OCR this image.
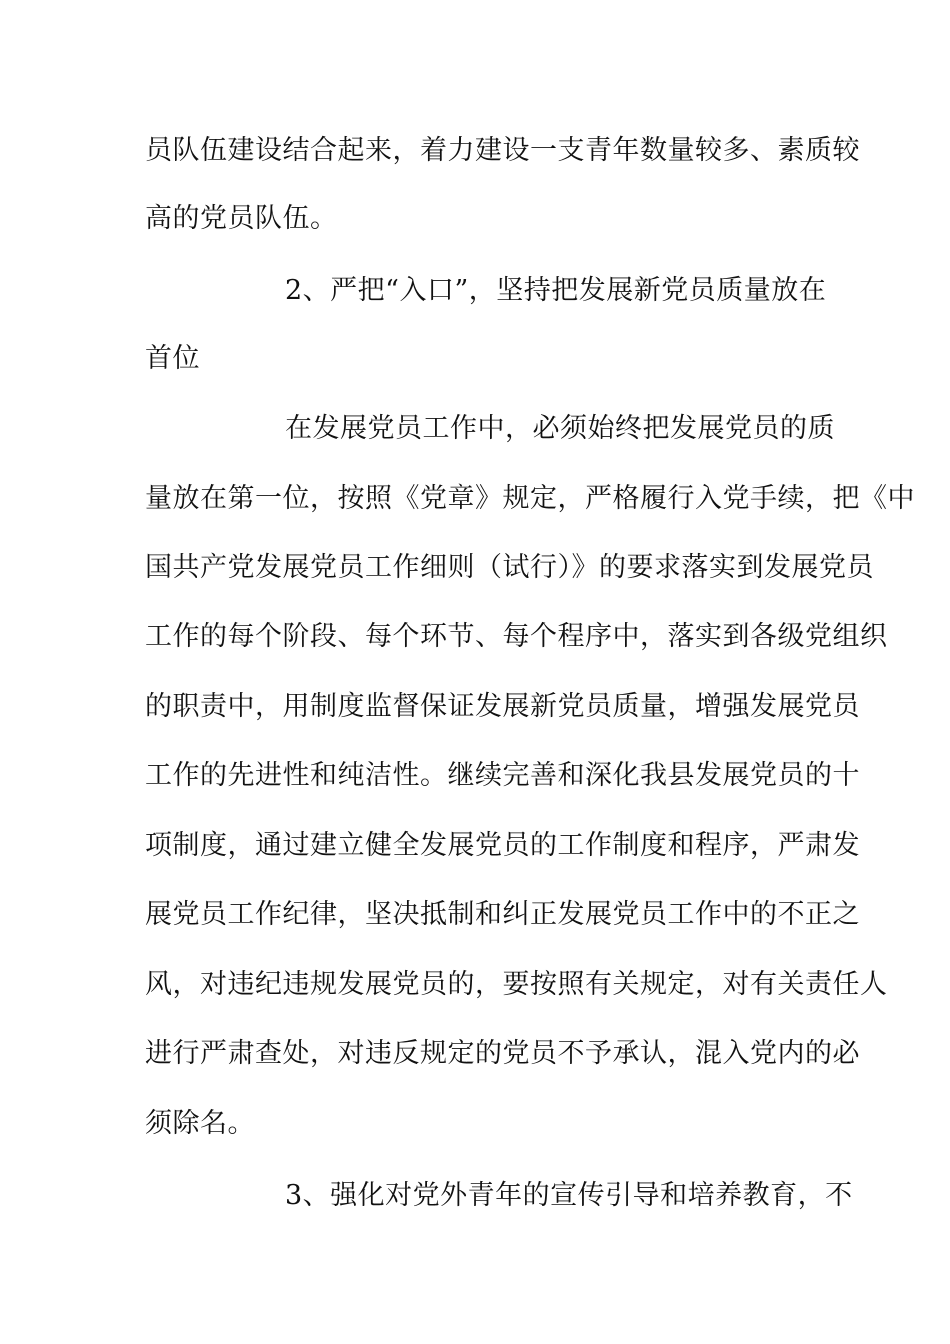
员队伍建设结合起来，着力建设一支青年数量较多、素质较
高的党员队伍。
2、严把“入口”，坚持把发展新党员质量放在
首位
在发展党员工作中，必须始终把发展党员的质
量放在第一位，按照《党章》规定，严格履行入党手续，把《中
国共产党发展党员工作细则（试行）》的要求落实到发展党员
工作的每个阶段、每个环节、每个程序中，落实到各级党组织
的职责中，用制度监督保证发展新党员质量，增强发展党员
工作的先进性和纯洁性。继续完善和深化我县发展党员的十
项制度，通过建立健全发展党员的工作制度和程序，严肃发
展党员工作纪律，坚决抵制和纠正发展党员工作中的不正之
风，对违纪违规发展党员的，要按照有关规定，对有关责任人
进行严肃查处，对违反规定的党员不予承认，混入党内的必
须除名。
3、强化对党外青年的宣传引导和培养教育，不
